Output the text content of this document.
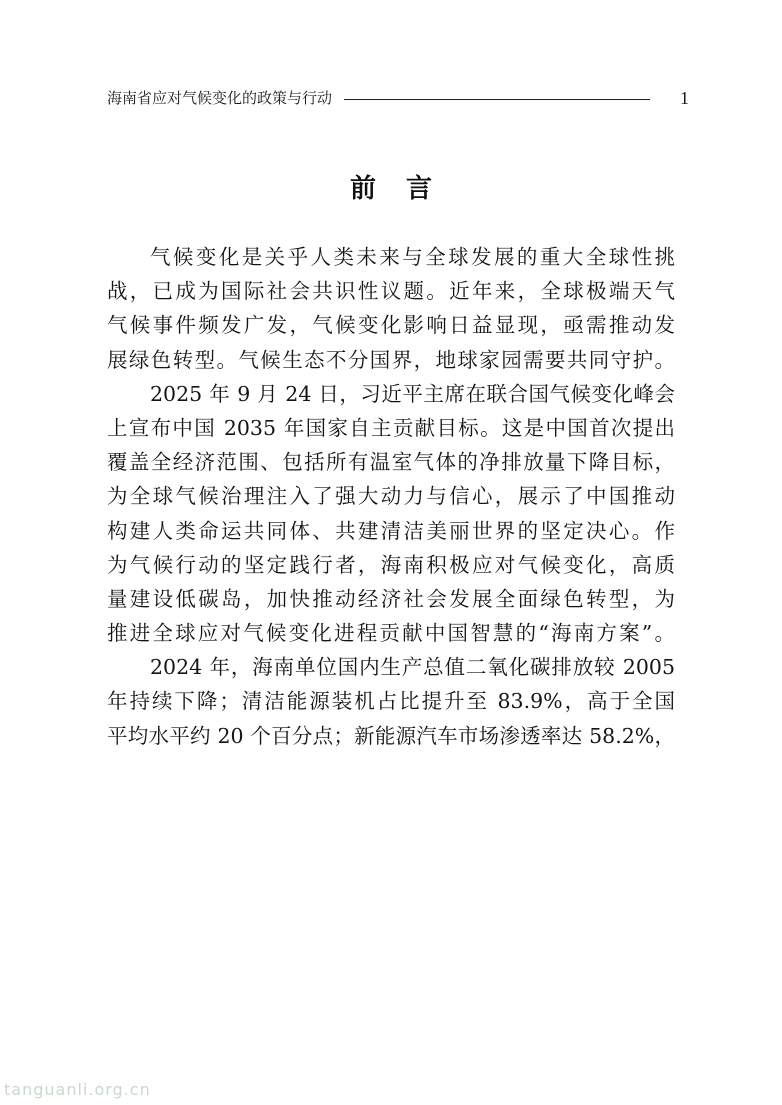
海南省应对气候变化的政策与行动	1
前言
气候变化是关乎人类未来与全球发展的重大全球性挑
战，已成为国际社会共识性议题。近年来，全球极端天气
气候事件频发广发，气候变化影响日益显现，亟需推动发
展绿色转型。气候生态不分国界，地球家园需要共同守护。
2025 年 9 月 24 日，习近平主席在联合国气候变化峰会
上宣布中国 2035 年国家自主贡献目标。这是中国首次提出
覆盖全经济范围、包括所有温室气体的净排放量下降目标，
为全球气候治理注入了强大动力与信心，展示了中国推动
构建人类命运共同体、共建清洁美丽世界的坚定决心。作
为气候行动的坚定践行者，海南积极应对气候变化，高质
量建设低碳岛，加快推动经济社会发展全面绿色转型，为
推进全球应对气候变化进程贡献中国智慧的“海南方案”。
2024 年，海南单位国内生产总值二氧化碳排放较 2005
年持续下降；清洁能源装机占比提升至 83.9%，高于全国
平均水平约 20 个百分点；新能源汽车市场渗透率达 58.2%，
tanguanli.org.cn
